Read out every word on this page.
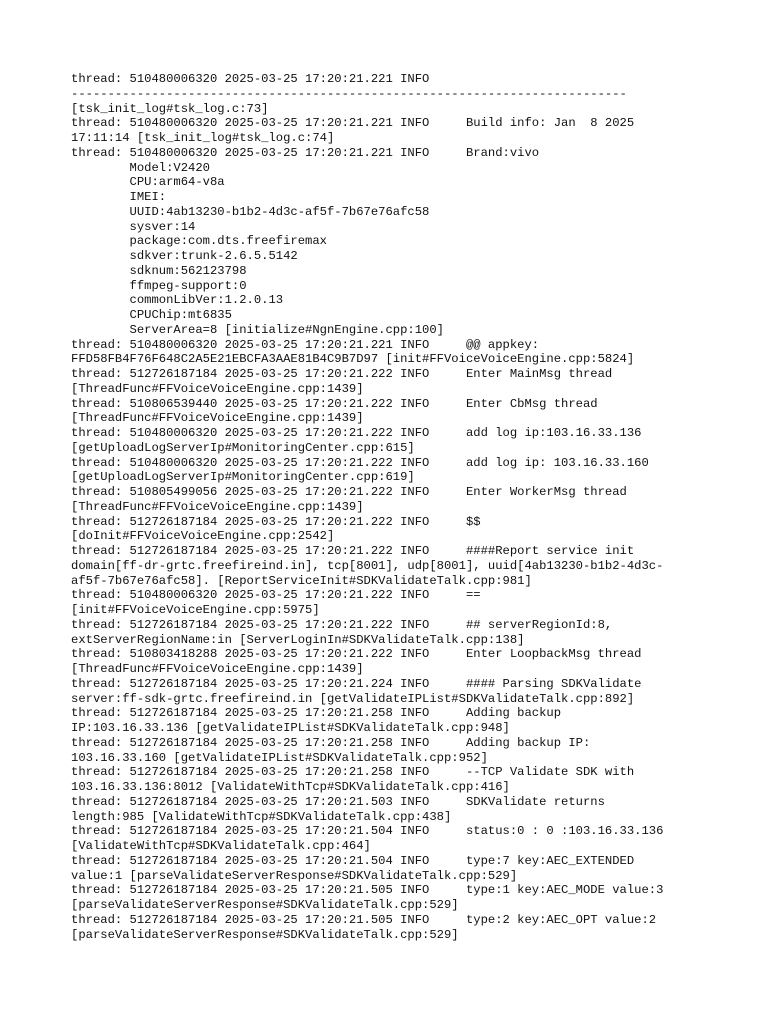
thread: 510480006320 2025-03-25 17:20:21.221 INFO
----------------------------------------------------------------------------
[tsk_init_log#tsk_log.c:73]
thread: 510480006320 2025-03-25 17:20:21.221 INFO     Build info: Jan  8 2025
17:11:14 [tsk_init_log#tsk_log.c:74]
thread: 510480006320 2025-03-25 17:20:21.221 INFO     Brand:vivo
Model:V2420
CPU:arm64-v8a
IMEI:
UUID:4ab13230-b1b2-4d3c-af5f-7b67e76afc58
sysver:14
package:com.dts.freefiremax
sdkver:trunk-2.6.5.5142
sdknum:562123798
ffmpeg-support:0
commonLibVer:1.2.0.13
CPUChip:mt6835
ServerArea=8 [initialize#NgnEngine.cpp:100]
thread: 510480006320 2025-03-25 17:20:21.221 INFO     @@ appkey:
FFD58FB4F76F648C2A5E21EBCFA3AAE81B4C9B7D97 [init#FFVoiceVoiceEngine.cpp:5824]
thread: 512726187184 2025-03-25 17:20:21.222 INFO     Enter MainMsg thread
[ThreadFunc#FFVoiceVoiceEngine.cpp:1439]
thread: 510806539440 2025-03-25 17:20:21.222 INFO     Enter CbMsg thread
[ThreadFunc#FFVoiceVoiceEngine.cpp:1439]
thread: 510480006320 2025-03-25 17:20:21.222 INFO     add log ip:103.16.33.136
[getUploadLogServerIp#MonitoringCenter.cpp:615]
thread: 510480006320 2025-03-25 17:20:21.222 INFO     add log ip: 103.16.33.160
[getUploadLogServerIp#MonitoringCenter.cpp:619]
thread: 510805499056 2025-03-25 17:20:21.222 INFO     Enter WorkerMsg thread
[ThreadFunc#FFVoiceVoiceEngine.cpp:1439]
thread: 512726187184 2025-03-25 17:20:21.222 INFO     $$
[doInit#FFVoiceVoiceEngine.cpp:2542]
thread: 512726187184 2025-03-25 17:20:21.222 INFO     ####Report service init
domain[ff-dr-grtc.freefireind.in], tcp[8001], udp[8001], uuid[4ab13230-b1b2-4d3c-
af5f-7b67e76afc58]. [ReportServiceInit#SDKValidateTalk.cpp:981]
thread: 510480006320 2025-03-25 17:20:21.222 INFO     ==
[init#FFVoiceVoiceEngine.cpp:5975]
thread: 512726187184 2025-03-25 17:20:21.222 INFO     ## serverRegionId:8,
extServerRegionName:in [ServerLoginIn#SDKValidateTalk.cpp:138]
thread: 510803418288 2025-03-25 17:20:21.222 INFO     Enter LoopbackMsg thread
[ThreadFunc#FFVoiceVoiceEngine.cpp:1439]
thread: 512726187184 2025-03-25 17:20:21.224 INFO     #### Parsing SDKValidate
server:ff-sdk-grtc.freefireind.in [getValidateIPList#SDKValidateTalk.cpp:892]
thread: 512726187184 2025-03-25 17:20:21.258 INFO     Adding backup
IP:103.16.33.136 [getValidateIPList#SDKValidateTalk.cpp:948]
thread: 512726187184 2025-03-25 17:20:21.258 INFO     Adding backup IP:
103.16.33.160 [getValidateIPList#SDKValidateTalk.cpp:952]
thread: 512726187184 2025-03-25 17:20:21.258 INFO     --TCP Validate SDK with
103.16.33.136:8012 [ValidateWithTcp#SDKValidateTalk.cpp:416]
thread: 512726187184 2025-03-25 17:20:21.503 INFO     SDKValidate returns
length:985 [ValidateWithTcp#SDKValidateTalk.cpp:438]
thread: 512726187184 2025-03-25 17:20:21.504 INFO     status:0 : 0 :103.16.33.136
[ValidateWithTcp#SDKValidateTalk.cpp:464]
thread: 512726187184 2025-03-25 17:20:21.504 INFO     type:7 key:AEC_EXTENDED
value:1 [parseValidateServerResponse#SDKValidateTalk.cpp:529]
thread: 512726187184 2025-03-25 17:20:21.505 INFO     type:1 key:AEC_MODE value:3
[parseValidateServerResponse#SDKValidateTalk.cpp:529]
thread: 512726187184 2025-03-25 17:20:21.505 INFO     type:2 key:AEC_OPT value:2
[parseValidateServerResponse#SDKValidateTalk.cpp:529]
